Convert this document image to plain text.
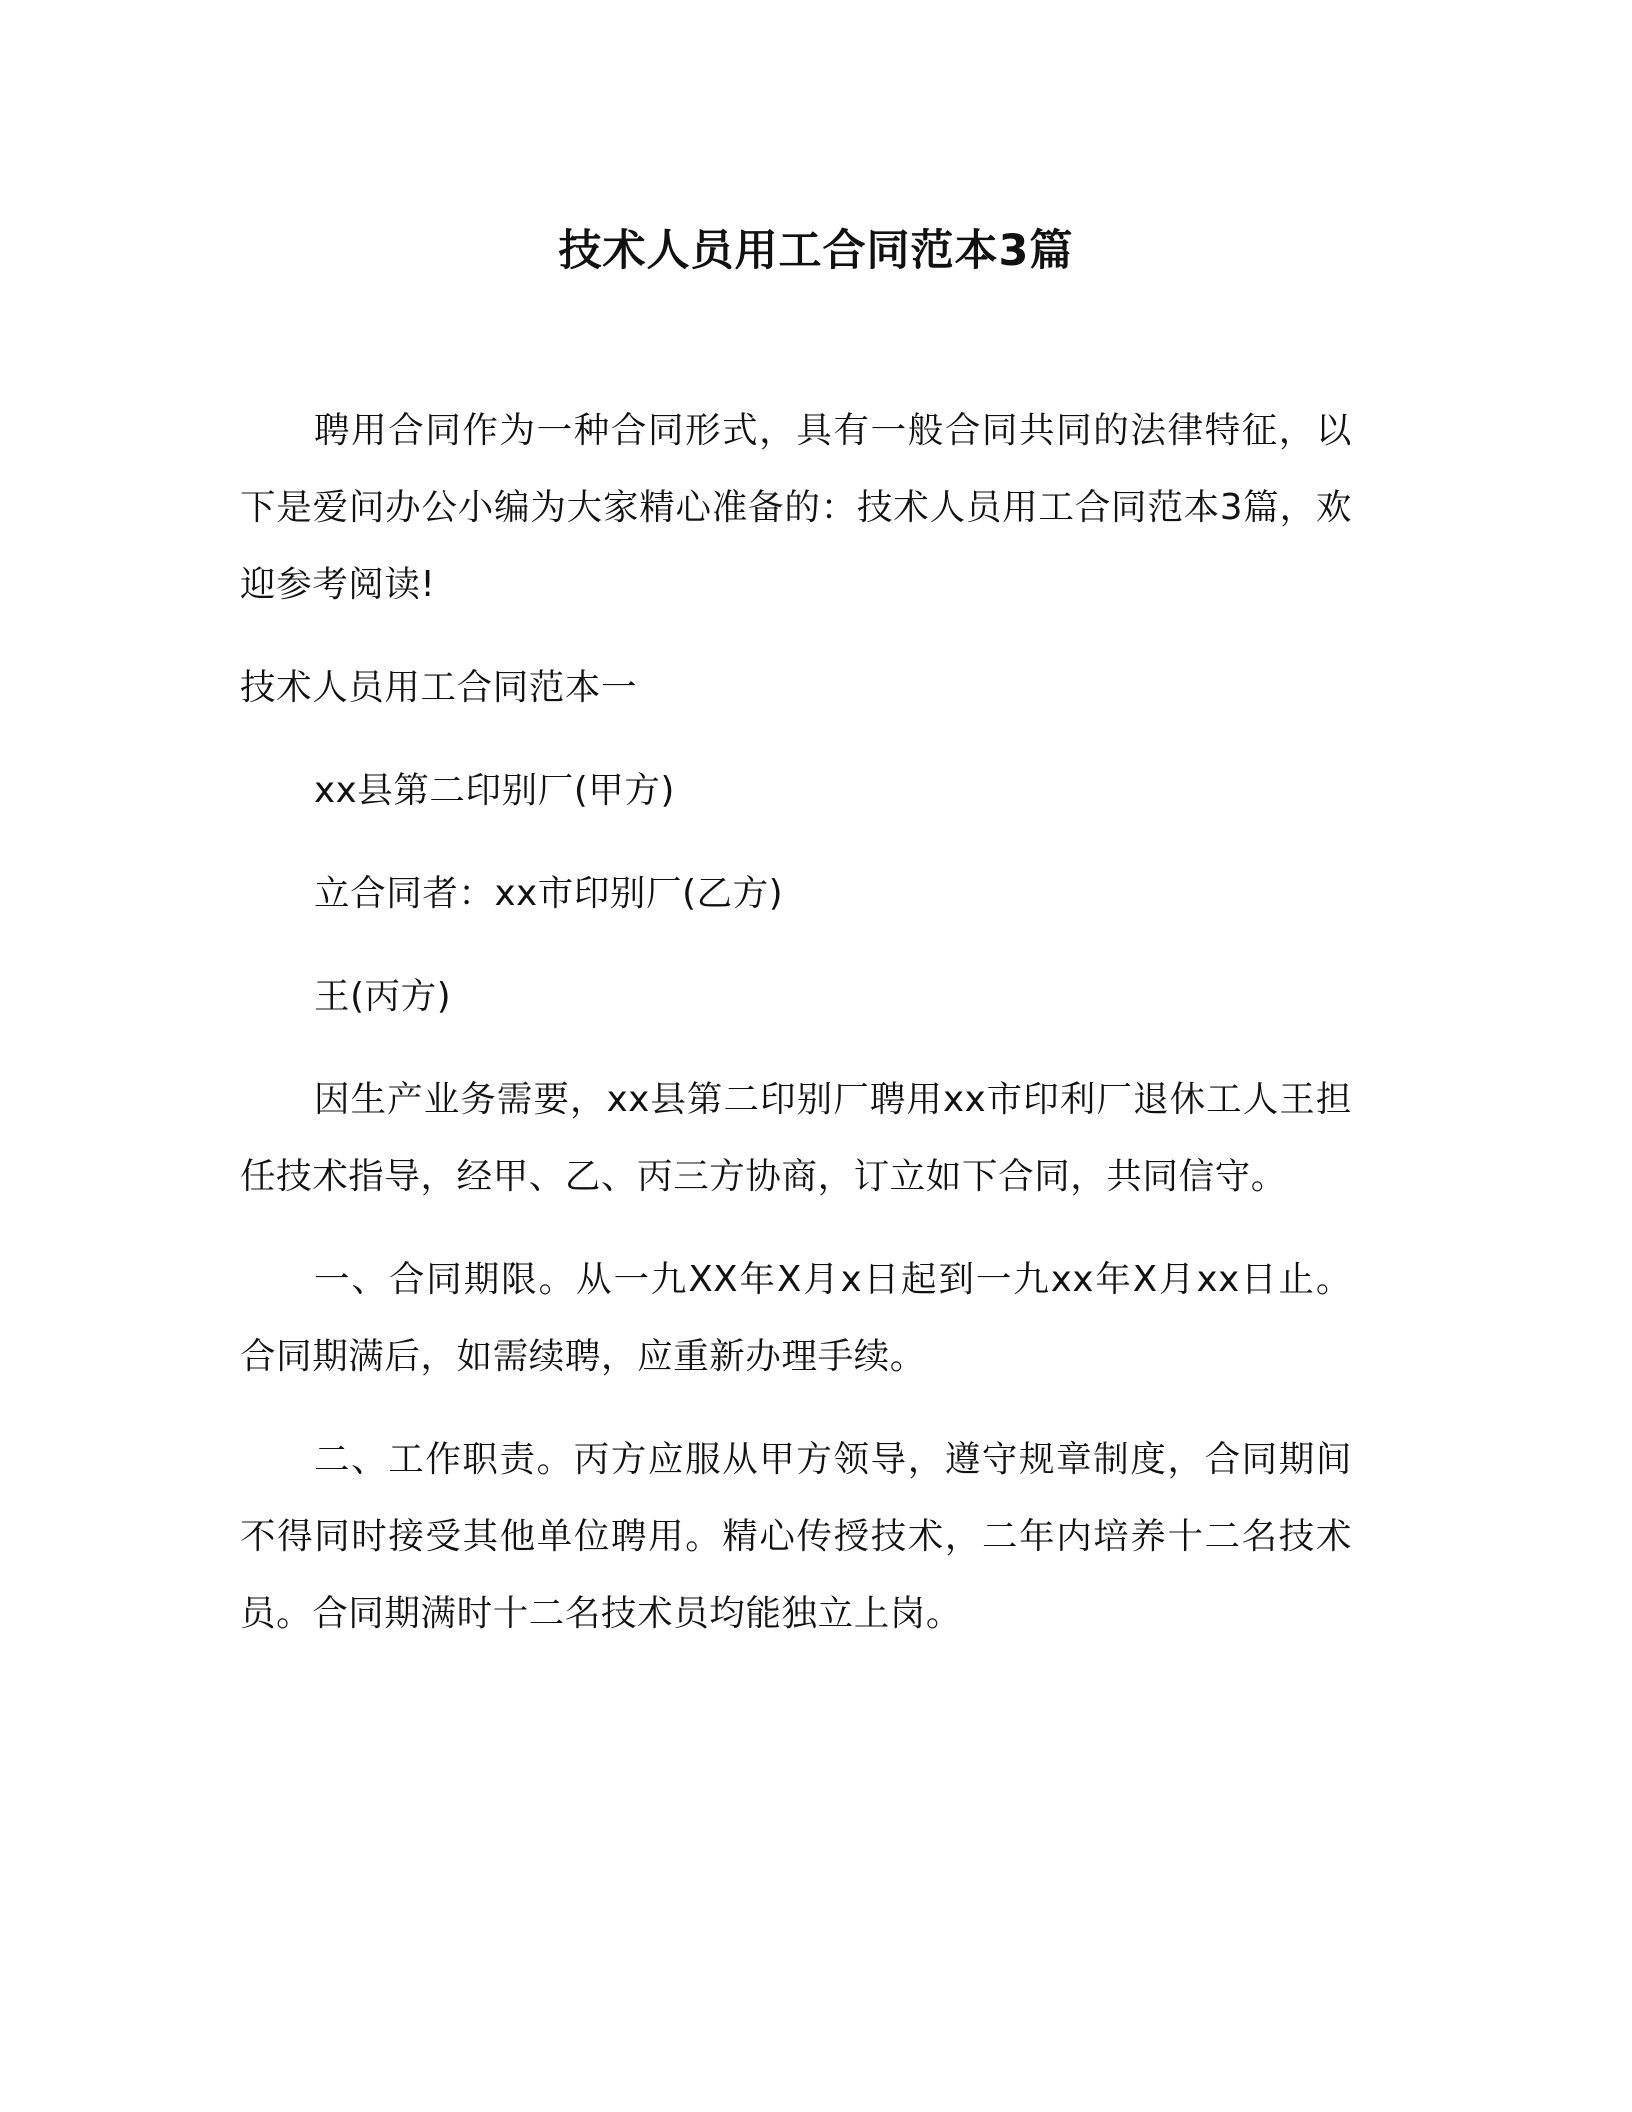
技术人员用工合同范本3篇

聘用合同作为一种合同形式，具有一般合同共同的法律特征，以下是爱问办公小编为大家精心准备的：技术人员用工合同范本3篇，欢迎参考阅读!

技术人员用工合同范本一

xx县第二印别厂(甲方)

立合同者：xx市印别厂(乙方)

王(丙方)

因生产业务需要，xx县第二印别厂聘用xx市印利厂退休工人王担任技术指导，经甲、乙、丙三方协商，订立如下合同，共同信守。

一、合同期限。从一九XX年X月x日起到一九xx年X月xx日止。合同期满后，如需续聘，应重新办理手续。

二、工作职责。丙方应服从甲方领导，遵守规章制度，合同期间不得同时接受其他单位聘用。精心传授技术，二年内培养十二名技术员。合同期满时十二名技术员均能独立上岗。
